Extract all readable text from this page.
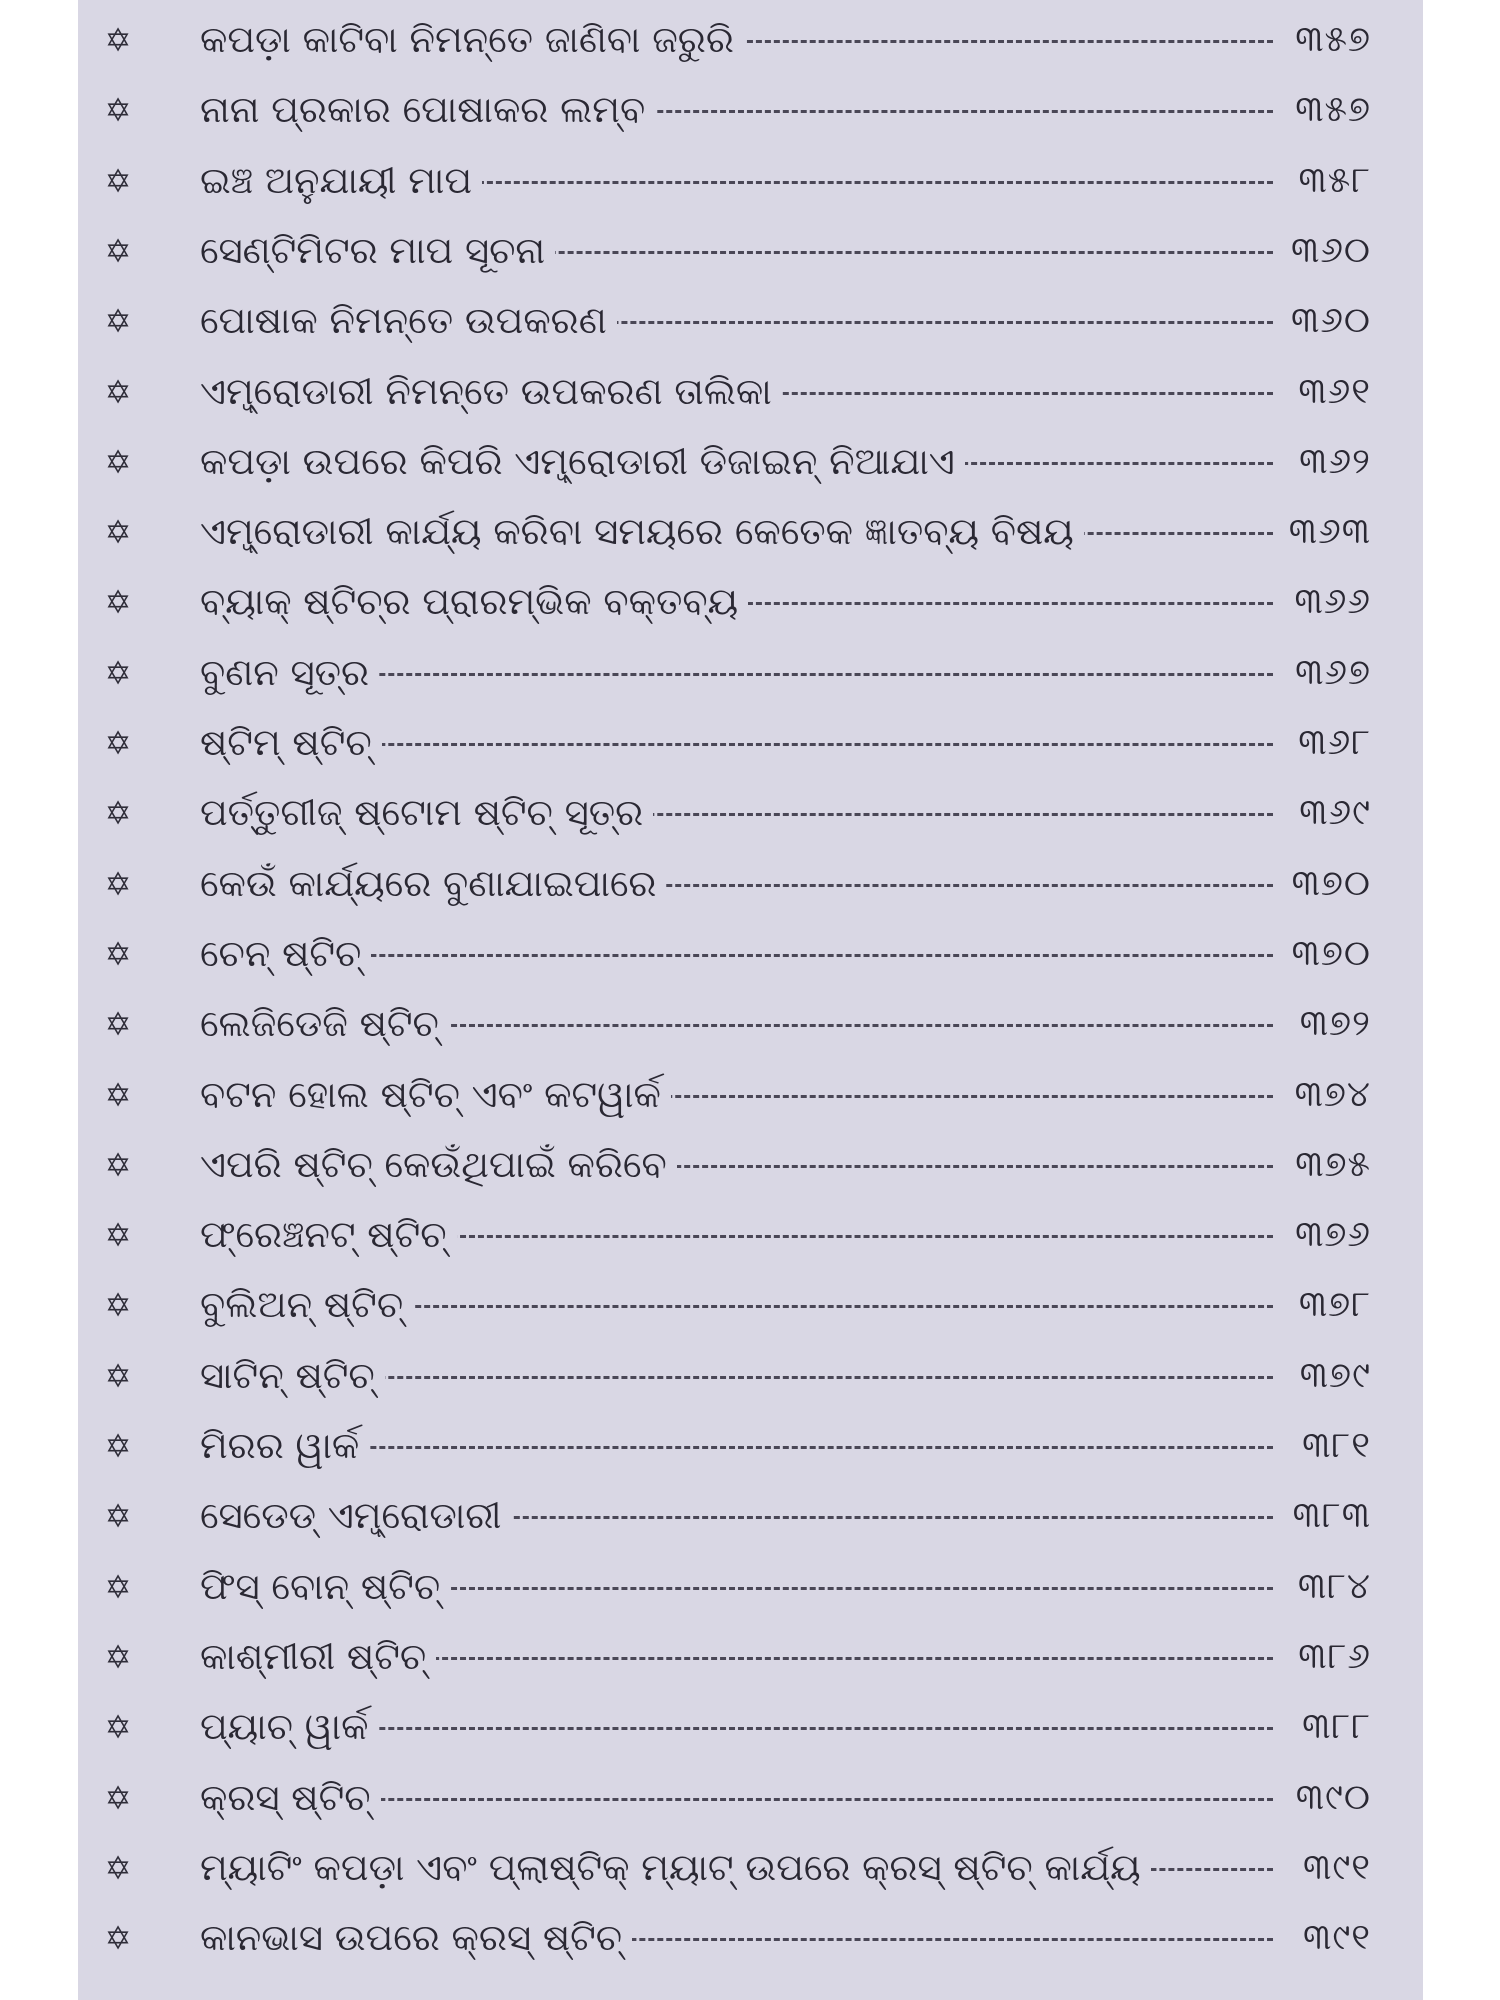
✡ କପଡ଼ା କାଟିବା ନିମନ୍ତେ ଜାଣିବା ଜରୁରି	୩୫୭
✡ ନାନା ପ୍ରକାର ପୋଷାକର ଲମ୍ବ	୩୫୭
✡ ଇଞ୍ଚ ଅନୁଯାୟୀ ମାପ	୩୫୮
✡ ସେଣ୍ଟିମିଟର ମାପ ସୂଚନା	୩୬୦
✡ ପୋଷାକ ନିମନ୍ତେ ଉପକରଣ	୩୬୦
✡ ଏମ୍ବ୍ରୋଡାରୀ ନିମନ୍ତେ ଉପକରଣ ତାଲିକା	୩୬୧
✡ କପଡ଼ା ଉପରେ କିପରି ଏମ୍ବ୍ରୋଡାରୀ ଡିଜାଇନ୍ ନିଆଯାଏ	୩୬୨
✡ ଏମ୍ବ୍ରୋଡାରୀ କାର୍ଯ୍ୟ କରିବା ସମୟରେ କେତେକ ଜ୍ଞାତବ୍ୟ ବିଷୟ	୩୬୩
✡ ବ୍ୟାକ୍ ଷ୍ଟିଚ୍‌ର ପ୍ରାରମ୍ଭିକ ବକ୍ତବ୍ୟ	୩୬୬
✡ ବୁଣନ ସୂତ୍ର	୩୬୭
✡ ଷ୍ଟିମ୍ ଷ୍ଟିଚ୍	୩୬୮
✡ ପର୍ତ୍ତୁଗୀଜ୍ ଷ୍ଟୋମ ଷ୍ଟିଚ୍ ସୂତ୍ର	୩୬୯
✡ କେଉଁ କାର୍ଯ୍ୟରେ ବୁଣାଯାଇପାରେ	୩୭୦
✡ ଚେନ୍ ଷ୍ଟିଚ୍	୩୭୦
✡ ଲେଜିଡେଜି ଷ୍ଟିଚ୍	୩୭୨
✡ ବଟନ ହୋଲ ଷ୍ଟିଚ୍ ଏବଂ କଟୱାର୍କ	୩୭୪
✡ ଏପରି ଷ୍ଟିଚ୍ କେଉଁଥିପାଇଁ କରିବେ	୩୭୫
✡ ଫ୍ରେଞ୍ଚନଟ୍ ଷ୍ଟିଚ୍	୩୭୬
✡ ବୁଲିଅନ୍ ଷ୍ଟିଚ୍	୩୭୮
✡ ସାଟିନ୍ ଷ୍ଟିଚ୍	୩୭୯
✡ ମିରର ୱାର୍କ	୩୮୧
✡ ସେଡେଡ୍ ଏମ୍ବ୍ରୋଡାରୀ	୩୮୩
✡ ଫିସ୍ ବୋନ୍ ଷ୍ଟିଚ୍	୩୮୪
✡ କାଶ୍ମୀରୀ ଷ୍ଟିଚ୍	୩୮୬
✡ ପ୍ୟାଚ୍ ୱାର୍କ	୩୮୮
✡ କ୍ରସ୍ ଷ୍ଟିଚ୍	୩୯୦
✡ ମ୍ୟାଟିଂ କପଡ଼ା ଏବଂ ପ୍ଲାଷ୍ଟିକ୍ ମ୍ୟାଟ୍ ଉପରେ କ୍ରସ୍ ଷ୍ଟିଚ୍ କାର୍ଯ୍ୟ	୩୯୧
✡ କାନଭାସ ଉପରେ କ୍ରସ୍ ଷ୍ଟିଚ୍	୩୯୧
